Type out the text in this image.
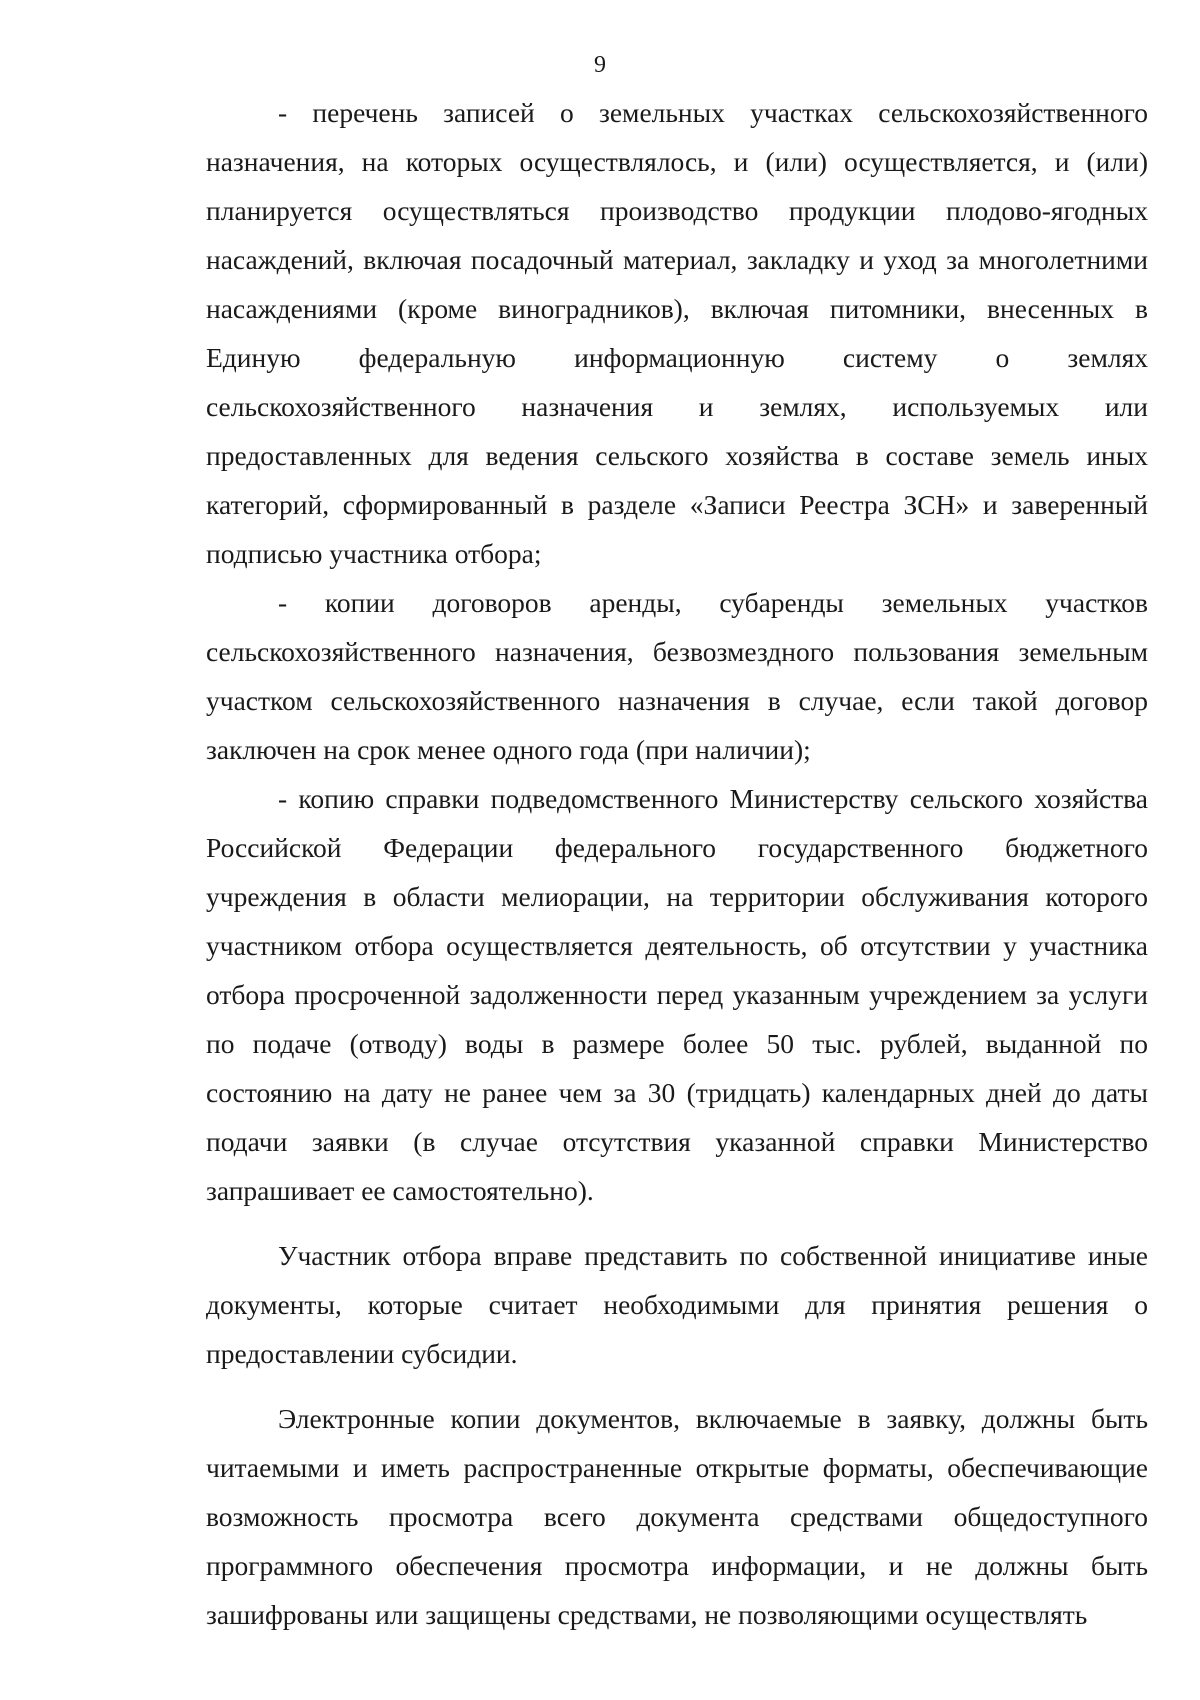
9

- перечень записей о земельных участках сельскохозяйственного назначения, на которых осуществлялось, и (или) осуществляется, и (или) планируется осуществляться производство продукции плодово-ягодных насаждений, включая посадочный материал, закладку и уход за многолетними насаждениями (кроме виноградников), включая питомники, внесенных в Единую федеральную информационную систему о землях сельскохозяйственного назначения и землях, используемых или предоставленных для ведения сельского хозяйства в составе земель иных категорий, сформированный в разделе «Записи Реестра ЗСН» и заверенный подписью участника отбора;

- копии договоров аренды, субаренды земельных участков сельскохозяйственного назначения, безвозмездного пользования земельным участком сельскохозяйственного назначения в случае, если такой договор заключен на срок менее одного года (при наличии);

- копию справки подведомственного Министерству сельского хозяйства Российской Федерации федерального государственного бюджетного учреждения в области мелиорации, на территории обслуживания которого участником отбора осуществляется деятельность, об отсутствии у участника отбора просроченной задолженности перед указанным учреждением за услуги по подаче (отводу) воды в размере более 50 тыс. рублей, выданной по состоянию на дату не ранее чем за 30 (тридцать) календарных дней до даты подачи заявки (в случае отсутствия указанной справки Министерство запрашивает ее самостоятельно).

Участник отбора вправе представить по собственной инициативе иные документы, которые считает необходимыми для принятия решения о предоставлении субсидии.

Электронные копии документов, включаемые в заявку, должны быть читаемыми и иметь распространенные открытые форматы, обеспечивающие возможность просмотра всего документа средствами общедоступного программного обеспечения просмотра информации, и не должны быть зашифрованы или защищены средствами, не позволяющими осуществлять
